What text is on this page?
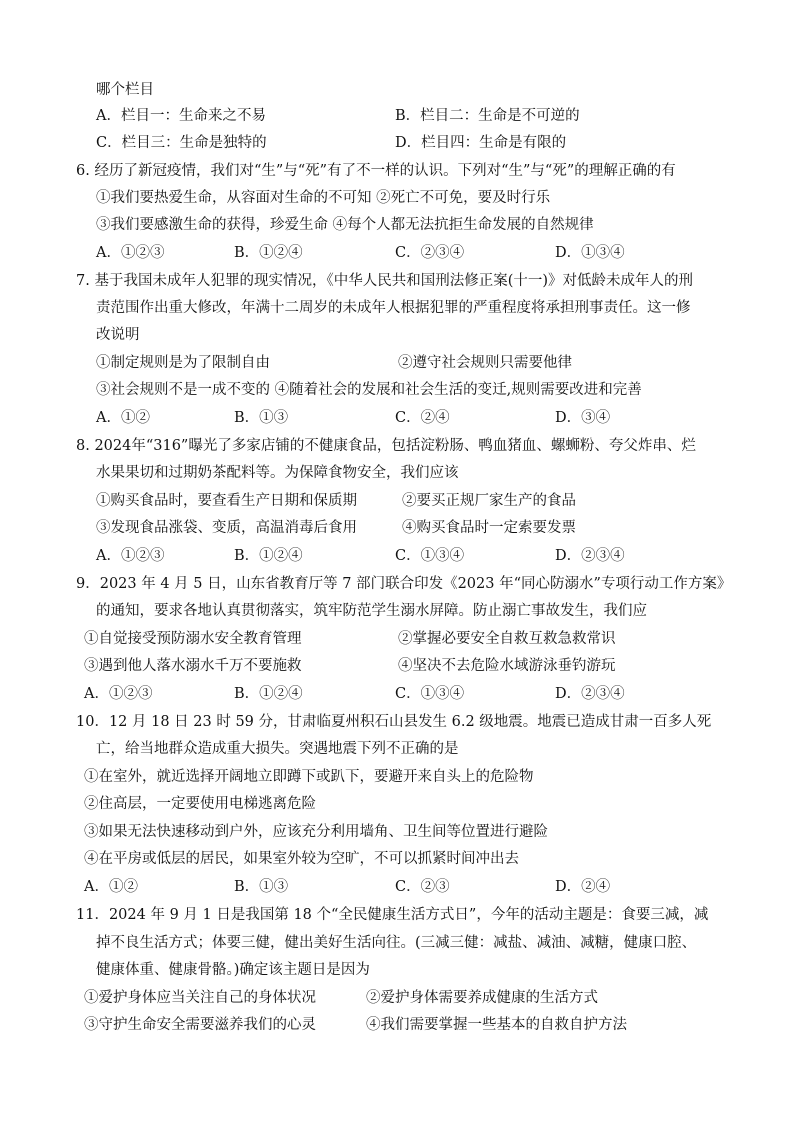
哪个栏目
A．栏目一：生命来之不易	B．栏目二：生命是不可逆的
C．栏目三：生命是独特的	D．栏目四：生命是有限的
6. 经历了新冠疫情，我们对“生”与“死”有了不一样的认识。下列对“生”与“死”的理解正确的有
①我们要热爱生命，从容面对生命的不可知 ②死亡不可免，要及时行乐
③我们要感激生命的获得，珍爱生命 ④每个人都无法抗拒生命发展的自然规律
A．①②③	B．①②④	C．②③④	D．①③④
7. 基于我国未成年人犯罪的现实情况，《中华人民共和国刑法修正案(十一)》对低龄未成年人的刑
责范围作出重大修改，年满十二周岁的未成年人根据犯罪的严重程度将承担刑事责任。这一修
改说明
①制定规则是为了限制自由	②遵守社会规则只需要他律
③社会规则不是一成不变的 ④随着社会的发展和社会生活的变迁,规则需要改进和完善
A．①②	B．①③	C．②④	D．③④
8. 2024年“316”曝光了多家店铺的不健康食品，包括淀粉肠、鸭血猪血、螺蛳粉、夸父炸串、烂
水果果切和过期奶茶配料等。为保障食物安全，我们应该
①购买食品时，要查看生产日期和保质期	②要买正规厂家生产的食品
③发现食品涨袋、变质，高温消毒后食用	④购买食品时一定索要发票
A．①②③	B．①②④	C．①③④	D．②③④
9．2023 年 4 月 5 日，山东省教育厅等 7 部门联合印发《2023 年“同心防溺水”专项行动工作方案》
的通知，要求各地认真贯彻落实，筑牢防范学生溺水屏障。防止溺亡事故发生，我们应
①自觉接受预防溺水安全教育管理	②掌握必要安全自救互救急救常识
③遇到他人落水溺水千万不要施救	④坚决不去危险水域游泳垂钓游玩
A．①②③	B．①②④	C．①③④	D．②③④
10．12 月 18 日 23 时 59 分，甘肃临夏州积石山县发生 6.2 级地震。地震已造成甘肃一百多人死
亡，给当地群众造成重大损失。突遇地震下列不正确的是
①在室外，就近选择开阔地立即蹲下或趴下，要避开来自头上的危险物
②住高层，一定要使用电梯逃离危险
③如果无法快速移动到户外，应该充分利用墙角、卫生间等位置进行避险
④在平房或低层的居民，如果室外较为空旷，不可以抓紧时间冲出去
A．①②	B．①③	C．②③	D．②④
11．2024 年 9 月 1 日是我国第 18 个“全民健康生活方式日”，今年的活动主题是：食要三减，减
掉不良生活方式；体要三健，健出美好生活向往。(三减三健：减盐、减油、减糖，健康口腔、
健康体重、健康骨骼。)确定该主题日是因为
①爱护身体应当关注自己的身体状况	②爱护身体需要养成健康的生活方式
③守护生命安全需要滋养我们的心灵	④我们需要掌握一些基本的自救自护方法
